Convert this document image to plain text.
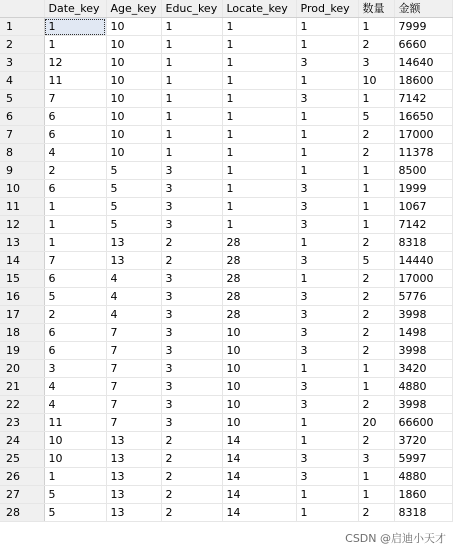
	Date_key	Age_key	Educ_key	Locate_key	Prod_key	数量	金额
1	1	10	1	1	1	1	7999
2	1	10	1	1	1	2	6660
3	12	10	1	1	3	3	14640
4	11	10	1	1	1	10	18600
5	7	10	1	1	3	1	7142
6	6	10	1	1	1	5	16650
7	6	10	1	1	1	2	17000
8	4	10	1	1	1	2	11378
9	2	5	3	1	1	1	8500
10	6	5	3	1	3	1	1999
11	1	5	3	1	3	1	1067
12	1	5	3	1	3	1	7142
13	1	13	2	28	1	2	8318
14	7	13	2	28	3	5	14440
15	6	4	3	28	1	2	17000
16	5	4	3	28	3	2	5776
17	2	4	3	28	3	2	3998
18	6	7	3	10	3	2	1498
19	6	7	3	10	3	2	3998
20	3	7	3	10	1	1	3420
21	4	7	3	10	3	1	4880
22	4	7	3	10	3	2	3998
23	11	7	3	10	1	20	66600
24	10	13	2	14	1	2	3720
25	10	13	2	14	3	3	5997
26	1	13	2	14	3	1	4880
27	5	13	2	14	1	1	1860
28	5	13	2	14	1	2	8318
CSDN @启迪小天才
